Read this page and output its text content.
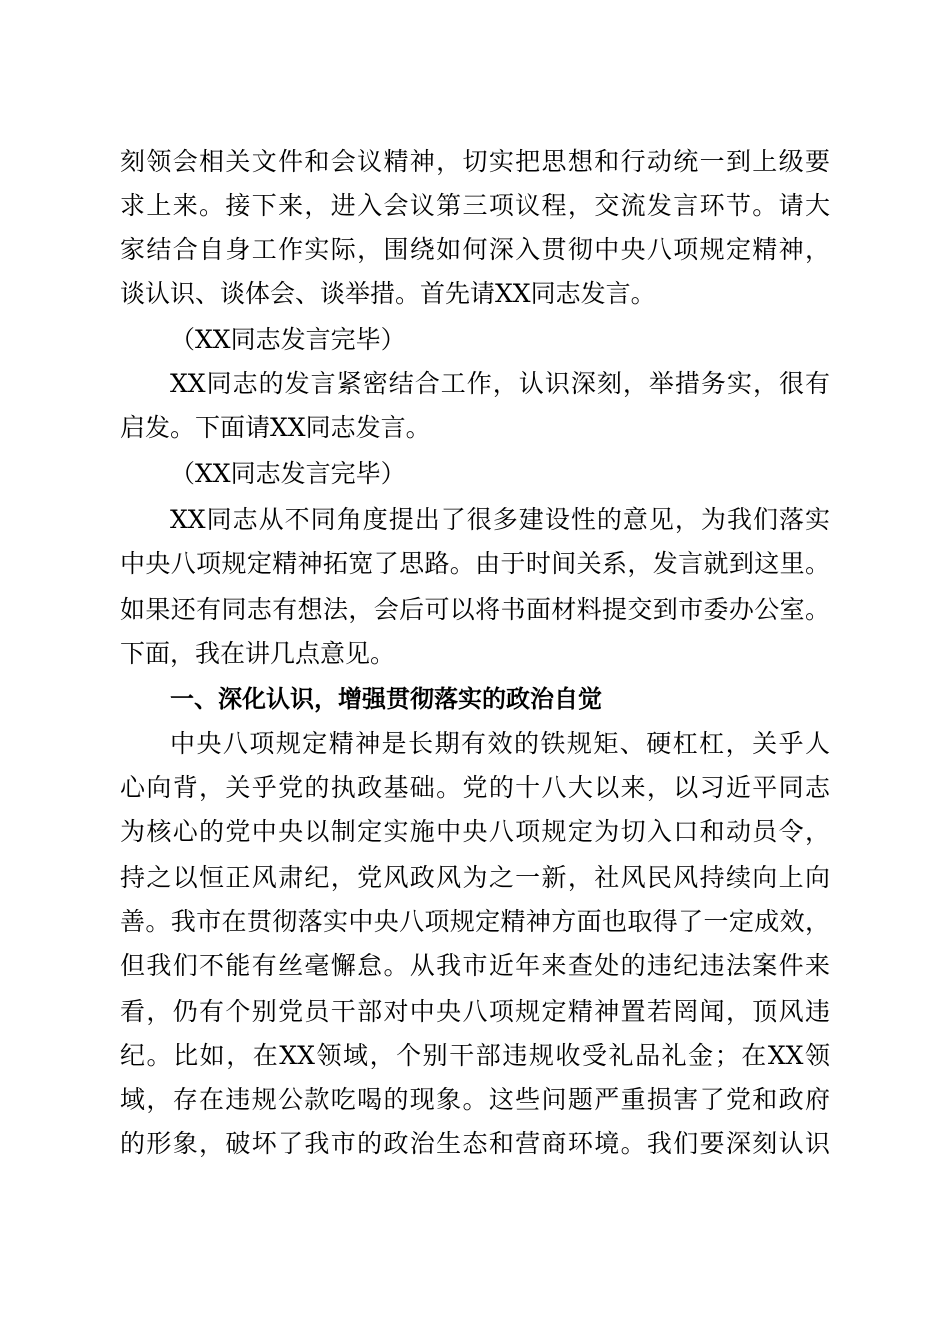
刻领会相关文件和会议精神，切实把思想和行动统一到上级要
求上来。接下来，进入会议第三项议程，交流发言环节。请大
家结合自身工作实际，围绕如何深入贯彻中央八项规定精神，
谈认识、谈体会、谈举措。首先请XX同志发言。
（XX同志发言完毕）
XX同志的发言紧密结合工作，认识深刻，举措务实，很有
启发。下面请XX同志发言。
（XX同志发言完毕）
XX同志从不同角度提出了很多建设性的意见，为我们落实
中央八项规定精神拓宽了思路。由于时间关系，发言就到这里。
如果还有同志有想法，会后可以将书面材料提交到市委办公室。
下面，我在讲几点意见。
一、深化认识，增强贯彻落实的政治自觉
中央八项规定精神是长期有效的铁规矩、硬杠杠，关乎人
心向背，关乎党的执政基础。党的十八大以来，以习近平同志
为核心的党中央以制定实施中央八项规定为切入口和动员令，
持之以恒正风肃纪，党风政风为之一新，社风民风持续向上向
善。我市在贯彻落实中央八项规定精神方面也取得了一定成效，
但我们不能有丝毫懈怠。从我市近年来查处的违纪违法案件来
看，仍有个别党员干部对中央八项规定精神置若罔闻，顶风违
纪。比如，在XX领域，个别干部违规收受礼品礼金；在XX领
域，存在违规公款吃喝的现象。这些问题严重损害了党和政府
的形象，破坏了我市的政治生态和营商环境。我们要深刻认识
